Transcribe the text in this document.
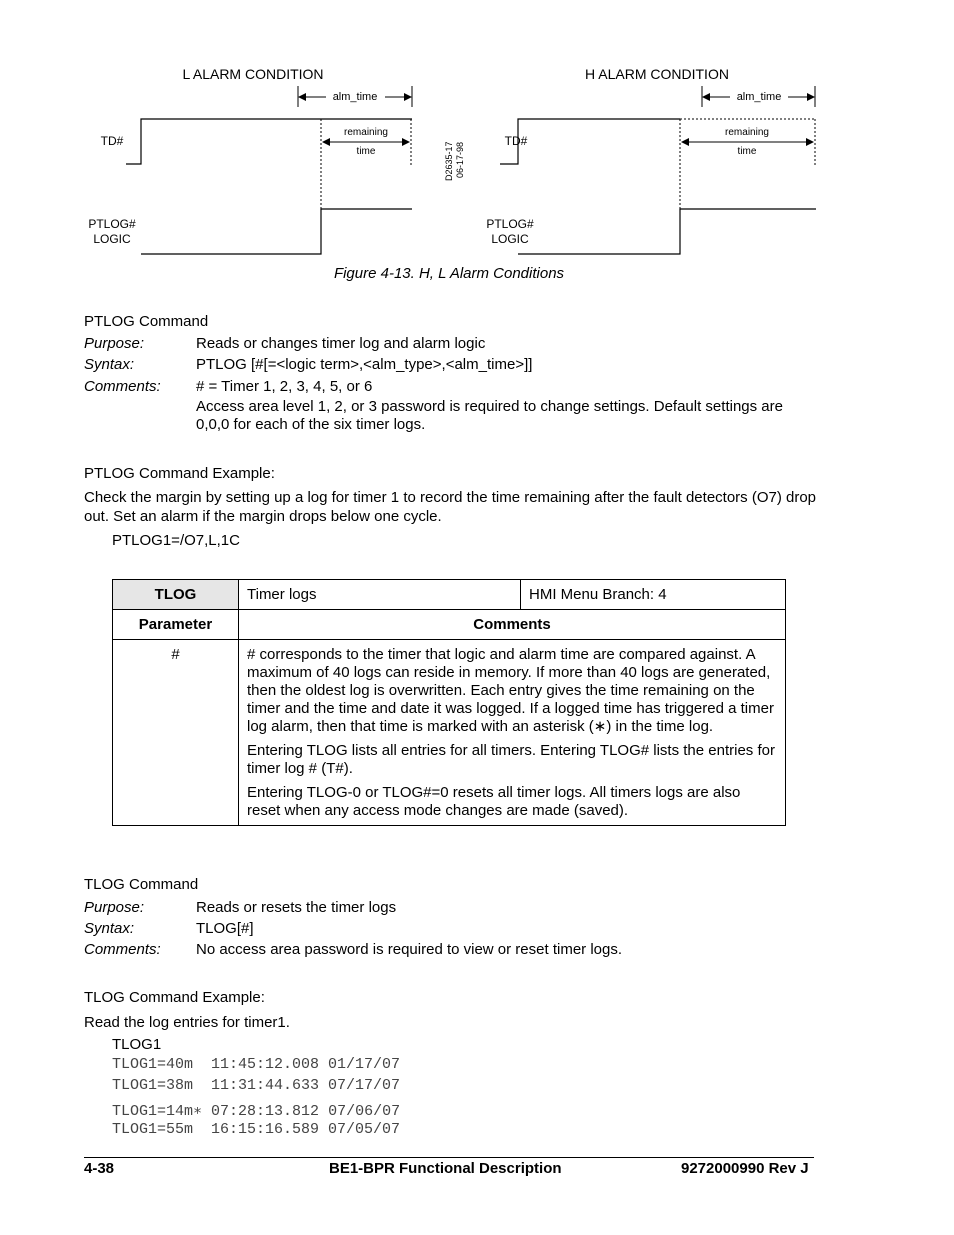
L ALARM CONDITION
alm_time
TD#
remaining
time
PTLOG#
LOGIC
D2635-17 06-17-98
H ALARM CONDITION
alm_time
TD#
remaining
time
PTLOG#
LOGIC
Figure 4-13. H, L Alarm Conditions
PTLOG Command
Purpose:	Reads or changes timer log and alarm logic
Syntax:	PTLOG [#[=<logic term>,<alm_type>,<alm_time>]]
Comments: # = Timer 1, 2, 3, 4, 5, or 6
Access area level 1, 2, or 3 password is required to change settings. Default settings are 0,0,0 for each of the six timer logs.
PTLOG Command Example:
Check the margin by setting up a log for timer 1 to record the time remaining after the fault detectors (O7) drop out. Set an alarm if the margin drops below one cycle.
PTLOG1=/O7,L,1C
TLOG	Timer logs	HMI Menu Branch: 4
Parameter	Comments	
#	# corresponds to the timer that logic and alarm time are compared against. A maximum of 40 logs can reside in memory. If more than 40 logs are generated, then the oldest log is overwritten. Each entry gives the time remaining on the timer and the time and date it was logged. If a logged time has triggered a timer log alarm, then that time is marked with an asterisk (∗) in the time log.

Entering TLOG lists all entries for all timers. Entering TLOG# lists the entries for timer log # (T#).

Entering TLOG-0 or TLOG#=0 resets all timer logs. All timers logs are also reset when any access mode changes are made (saved).	

TLOG Command
Purpose:	Reads or resets the timer logs
Syntax:	TLOG[#]
Comments: No access area password is required to view or reset timer logs.
TLOG Command Example:
Read the log entries for timer1.
TLOG1
TLOG1=40m  11:45:12.008 01/17/07
TLOG1=38m  11:31:44.633 07/17/07
TLOG1=14m∗ 07:28:13.812 07/06/07
TLOG1=55m  16:15:16.589 07/05/07
4-38	BE1-BPR Functional Description	9272000990 Rev J
